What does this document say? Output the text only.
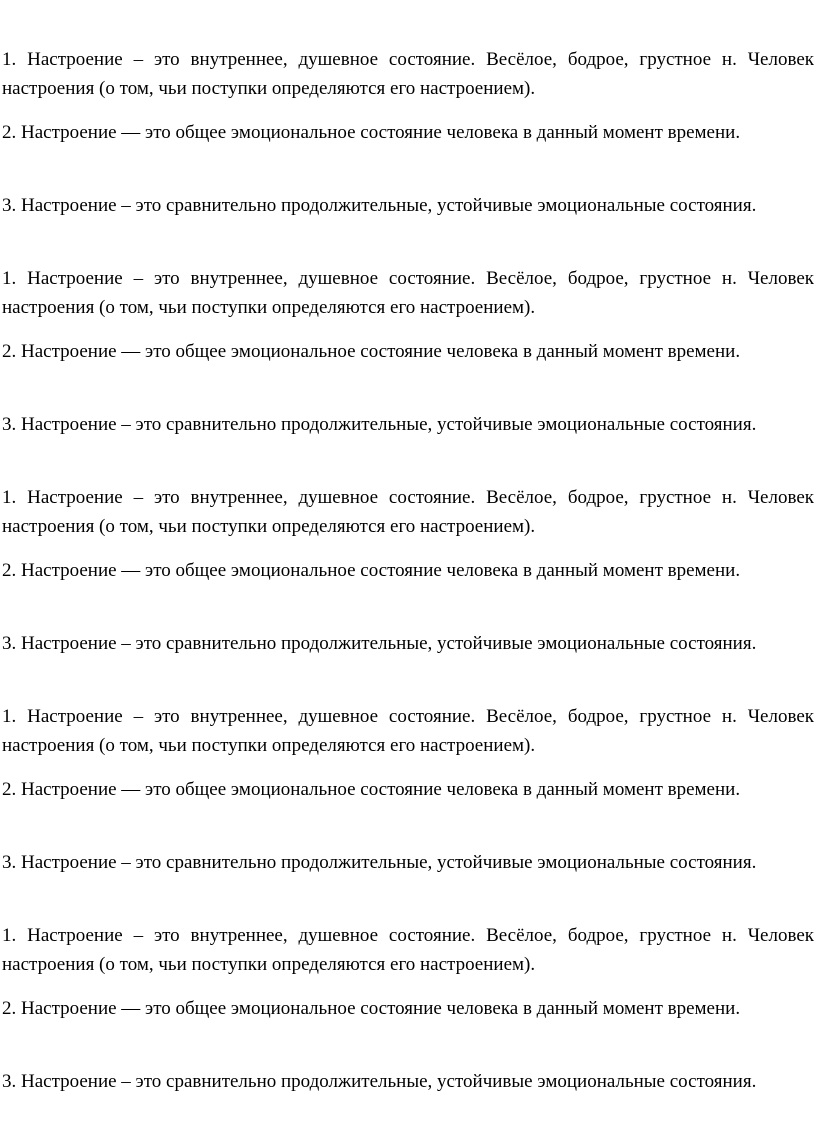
1. Настроение – это внутреннее, душевное состояние. Весёлое, бодрое, грустное н. Человек настроения (о том, чьи поступки определяются его настроением).

2. Настроение — это общее эмоциональное состояние человека в данный момент времени.

3. Настроение – это сравнительно продолжительные, устойчивые эмоциональные состояния.

1. Настроение – это внутреннее, душевное состояние. Весёлое, бодрое, грустное н. Человек настроения (о том, чьи поступки определяются его настроением).

2. Настроение — это общее эмоциональное состояние человека в данный момент времени.

3. Настроение – это сравнительно продолжительные, устойчивые эмоциональные состояния.

1. Настроение – это внутреннее, душевное состояние. Весёлое, бодрое, грустное н. Человек настроения (о том, чьи поступки определяются его настроением).

2. Настроение — это общее эмоциональное состояние человека в данный момент времени.

3. Настроение – это сравнительно продолжительные, устойчивые эмоциональные состояния.

1. Настроение – это внутреннее, душевное состояние. Весёлое, бодрое, грустное н. Человек настроения (о том, чьи поступки определяются его настроением).

2. Настроение — это общее эмоциональное состояние человека в данный момент времени.

3. Настроение – это сравнительно продолжительные, устойчивые эмоциональные состояния.

1. Настроение – это внутреннее, душевное состояние. Весёлое, бодрое, грустное н. Человек настроения (о том, чьи поступки определяются его настроением).

2. Настроение — это общее эмоциональное состояние человека в данный момент времени.

3. Настроение – это сравнительно продолжительные, устойчивые эмоциональные состояния.
